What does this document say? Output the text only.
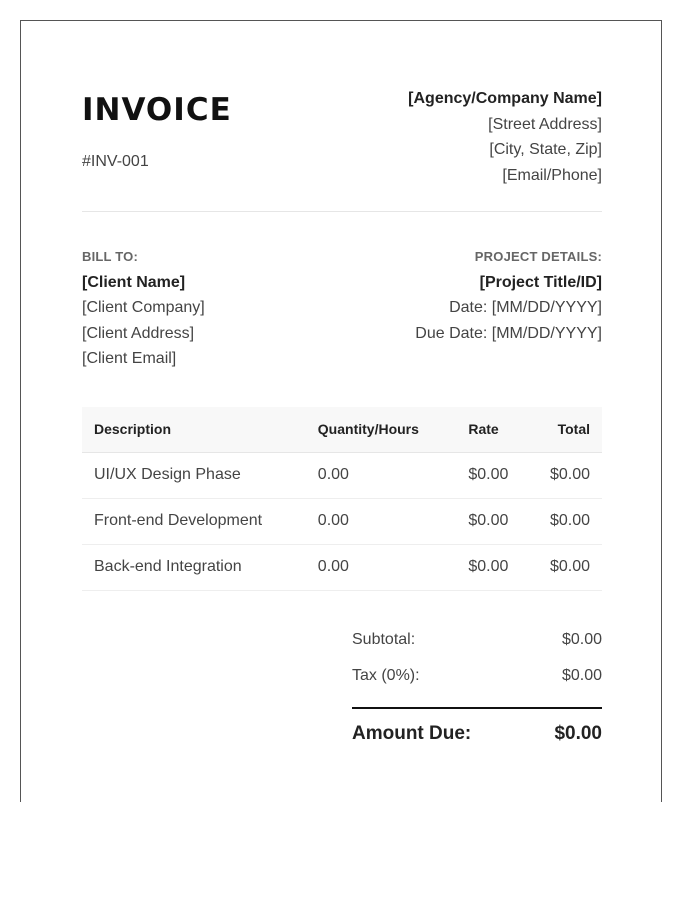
INVOICE
#INV-001
[Agency/Company Name]
[Street Address]
[City, State, Zip]
[Email/Phone]
BILL TO:
[Client Name]
[Client Company]
[Client Address]
[Client Email]
PROJECT DETAILS:
[Project Title/ID]
Date: [MM/DD/YYYY]
Due Date: [MM/DD/YYYY]
Description	Quantity/Hours	Rate	Total
UI/UX Design Phase	0.00	$0.00	$0.00
Front-end Development	0.00	$0.00	$0.00
Back-end Integration	0.00	$0.00	$0.00
Subtotal:	$0.00
Tax (0%):	$0.00
Amount Due:	$0.00
